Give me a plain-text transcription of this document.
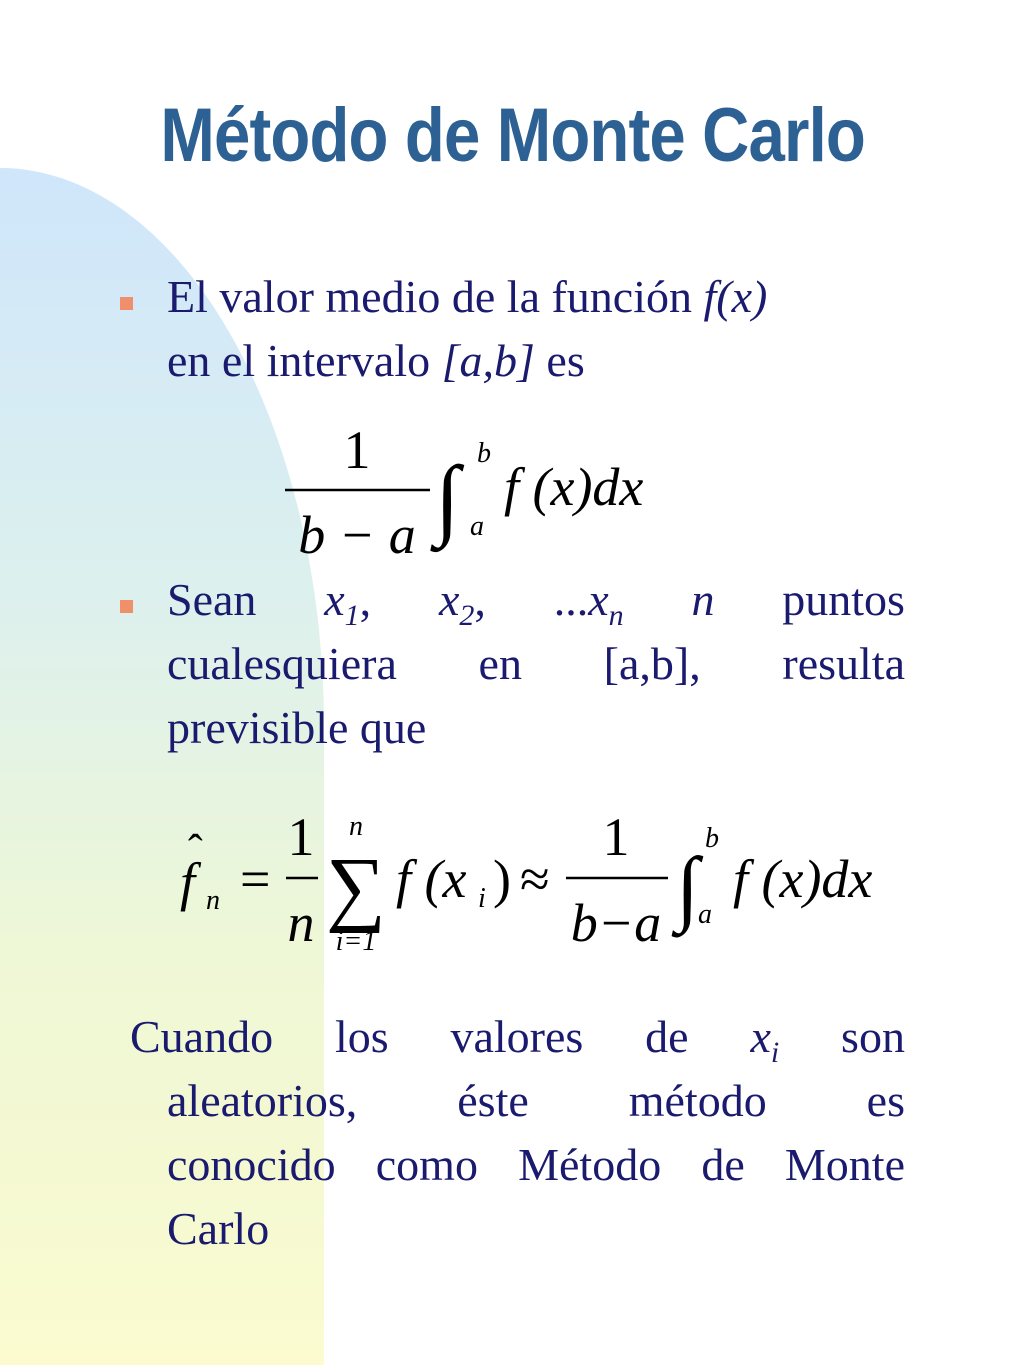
Método de Monte Carlo
El valor medio de la función f(x)
en el intervalo [a,b] es
1
b − a ∫ b
a
f (x)dx
Sean $x_1$, $x_2$, $...x_n$ n puntos
cualesquiera en [a,b], resulta
previsible que
ˆ
f n =
1
n
n
∑
i=1
f (x i ) ≈
1
b−a ∫
b
a
f (x)dx
Cuando los valores de $x_i$ son
aleatorios, éste método es
conocido como Método de Monte
Carlo
